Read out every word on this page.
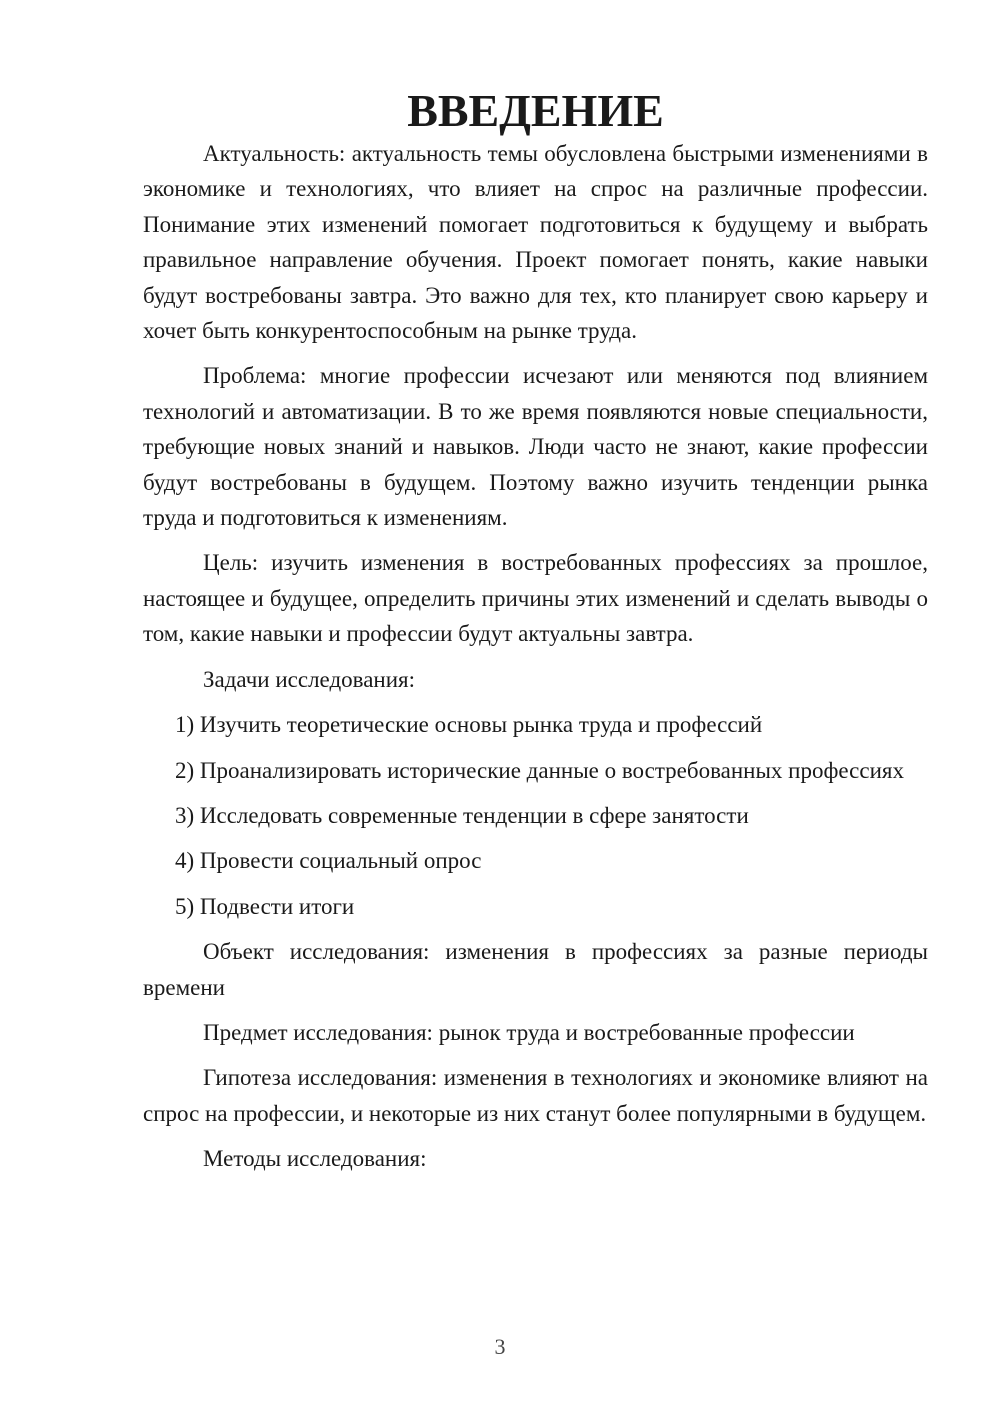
ВВЕДЕНИЕ

Актуальность: актуальность темы обусловлена быстрыми изменениями в экономике и технологиях, что влияет на спрос на различные профессии. Понимание этих изменений помогает подготовиться к будущему и выбрать правильное направление обучения. Проект помогает понять, какие навыки будут востребованы завтра. Это важно для тех, кто планирует свою карьеру и хочет быть конкурентоспособным на рынке труда.

Проблема: многие профессии исчезают или меняются под влиянием технологий и автоматизации. В то же время появляются новые специальности, требующие новых знаний и навыков. Люди часто не знают, какие профессии будут востребованы в будущем. Поэтому важно изучить тенденции рынка труда и подготовиться к изменениям.

Цель: изучить изменения в востребованных профессиях за прошлое, настоящее и будущее, определить причины этих изменений и сделать выводы о том, какие навыки и профессии будут актуальны завтра.

Задачи исследования:

1) Изучить теоретические основы рынка труда и профессий

2) Проанализировать исторические данные о востребованных профессиях

3) Исследовать современные тенденции в сфере занятости

4) Провести социальный опрос

5) Подвести итоги

Объект исследования: изменения в профессиях за разные периоды времени

Предмет исследования: рынок труда и востребованные профессии

Гипотеза исследования: изменения в технологиях и экономике влияют на спрос на профессии, и некоторые из них станут более популярными в будущем.

Методы исследования:

3
